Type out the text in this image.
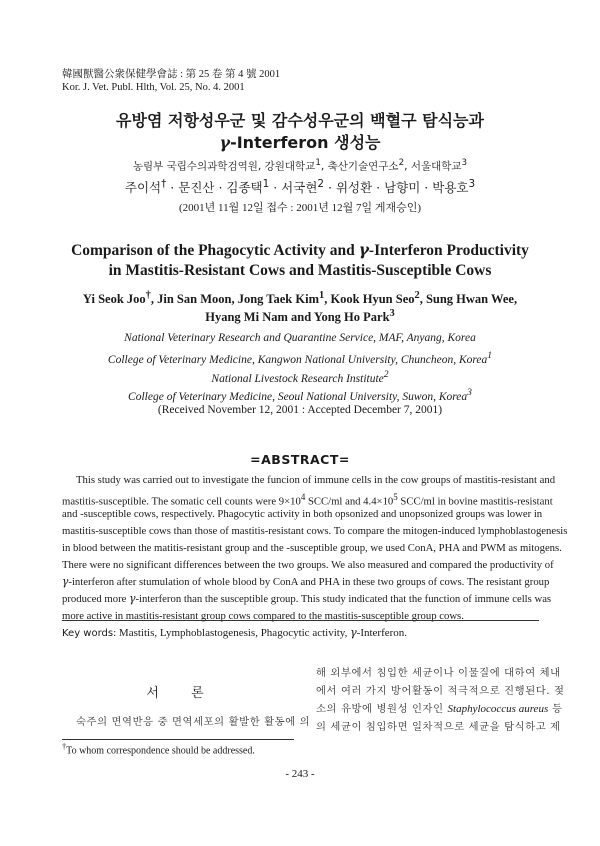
韓國獸醫公衆保健學會誌 : 第 25 卷 第 4 號 2001
Kor. J. Vet. Publ. Hlth, Vol. 25, No. 4. 2001
유방염 저항성우군 및 감수성우군의 백혈구 탐식능과
γ-Interferon 생성능
농림부 국립수의과학검역원, 강원대학교$^1$, 축산기술연구소$^2$, 서울대학교$^3$
주이석† · 문진산 · 김종택$^1$ · 서국현$^2$ · 위성환 · 남향미 · 박용호$^3$
(2001년 11월 12일 접수 : 2001년 12월 7일 게재승인)
Comparison of the Phagocytic Activity and γ-Interferon Productivity
in Mastitis-Resistant Cows and Mastitis-Susceptible Cows
Yi Seok Joo†, Jin San Moon, Jong Taek Kim$^1$, Kook Hyun Seo$^2$, Sung Hwan Wee,
Hyang Mi Nam and Yong Ho Park$^3$
National Veterinary Research and Quarantine Service, MAF, Anyang, Korea
College of Veterinary Medicine, Kangwon National University, Chuncheon, Korea$^1$
National Livestock Research Institute$^2$
College of Veterinary Medicine, Seoul National University, Suwon, Korea$^3$
(Received November 12, 2001 : Accepted December 7, 2001)
=ABSTRACT=
This study was carried out to investigate the funcion of immune cells in the cow groups of mastitis-resistant and
mastitis-susceptible. The somatic cell counts were $9\times 10^4$ SCC/ml and $4.4\times 10^5$ SCC/ml in bovine mastitis-resistant
and -susceptible cows, respectively. Phagocytic activity in both opsonized and unopsonized groups was lower in
mastitis-susceptible cows than those of mastitis-resistant cows. To compare the mitogen-induced lymphoblastogenesis
in blood between the matitis-resistant group and the -susceptible group, we used ConA, PHA and PWM as mitogens.
There were no significant differences between the two groups. We also measured and compared the productivity of
γ-interferon after stumulation of whole blood by ConA and PHA in these two groups of cows. The resistant group
produced more γ-interferon than the susceptible group. This study indicated that the function of immune cells was
more active in mastitis-resistant group cows compared to the mastitis-susceptible group cows.
Key words: Mastitis, Lymphoblastogenesis, Phagocytic activity, γ-Interferon.
해 외부에서 침입한 세균이나 이물질에 대하여 체내
에서 여러 가지 방어활동이 적극적으로 진행된다. 젖
소의 유방에 병원성 인자인 Staphylococcus aureus 등
의 세균이 침입하면 일차적으로 세균을 탐식하고 제
서 론
숙주의 면역반응 중 면역세포의 활발한 활동에 의
†To whom correspondence should be addressed.
- 243 -
